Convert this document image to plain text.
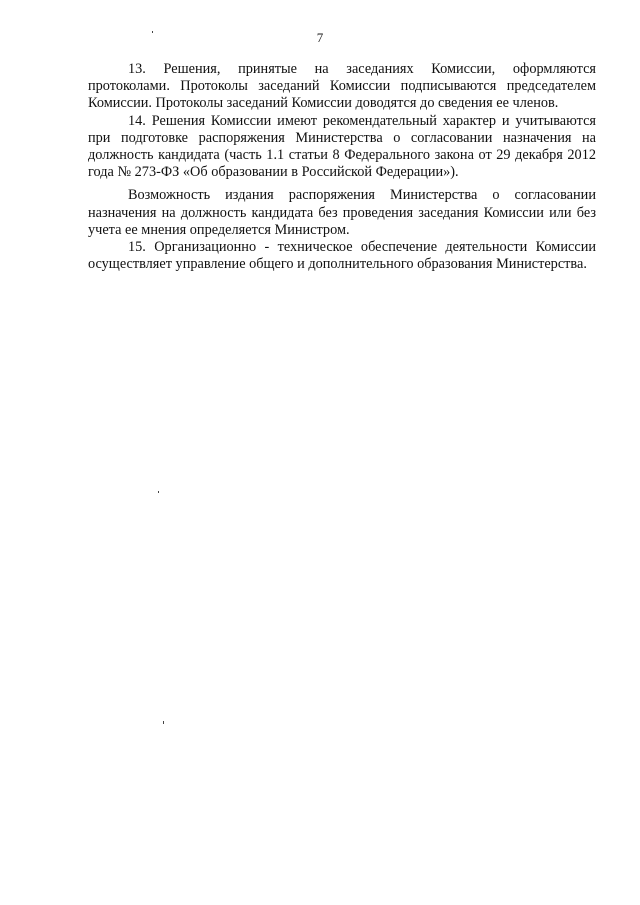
7

13. Решения, принятые на заседаниях Комиссии, оформляются протоколами. Протоколы заседаний Комиссии подписываются председателем Комиссии. Протоколы заседаний Комиссии доводятся до сведения ее членов.

14. Решения Комиссии имеют рекомендательный характер и учитываются при подготовке распоряжения Министерства о согласовании назначения на должность кандидата (часть 1.1 статьи 8 Федерального закона от 29 декабря 2012 года № 273-ФЗ «Об образовании в Российской Федерации»).

Возможность издания распоряжения Министерства о согласовании назначения на должность кандидата без проведения заседания Комиссии или без учета ее мнения определяется Министром.

15. Организационно - техническое обеспечение деятельности Комиссии осуществляет управление общего и дополнительного образования Министерства.
